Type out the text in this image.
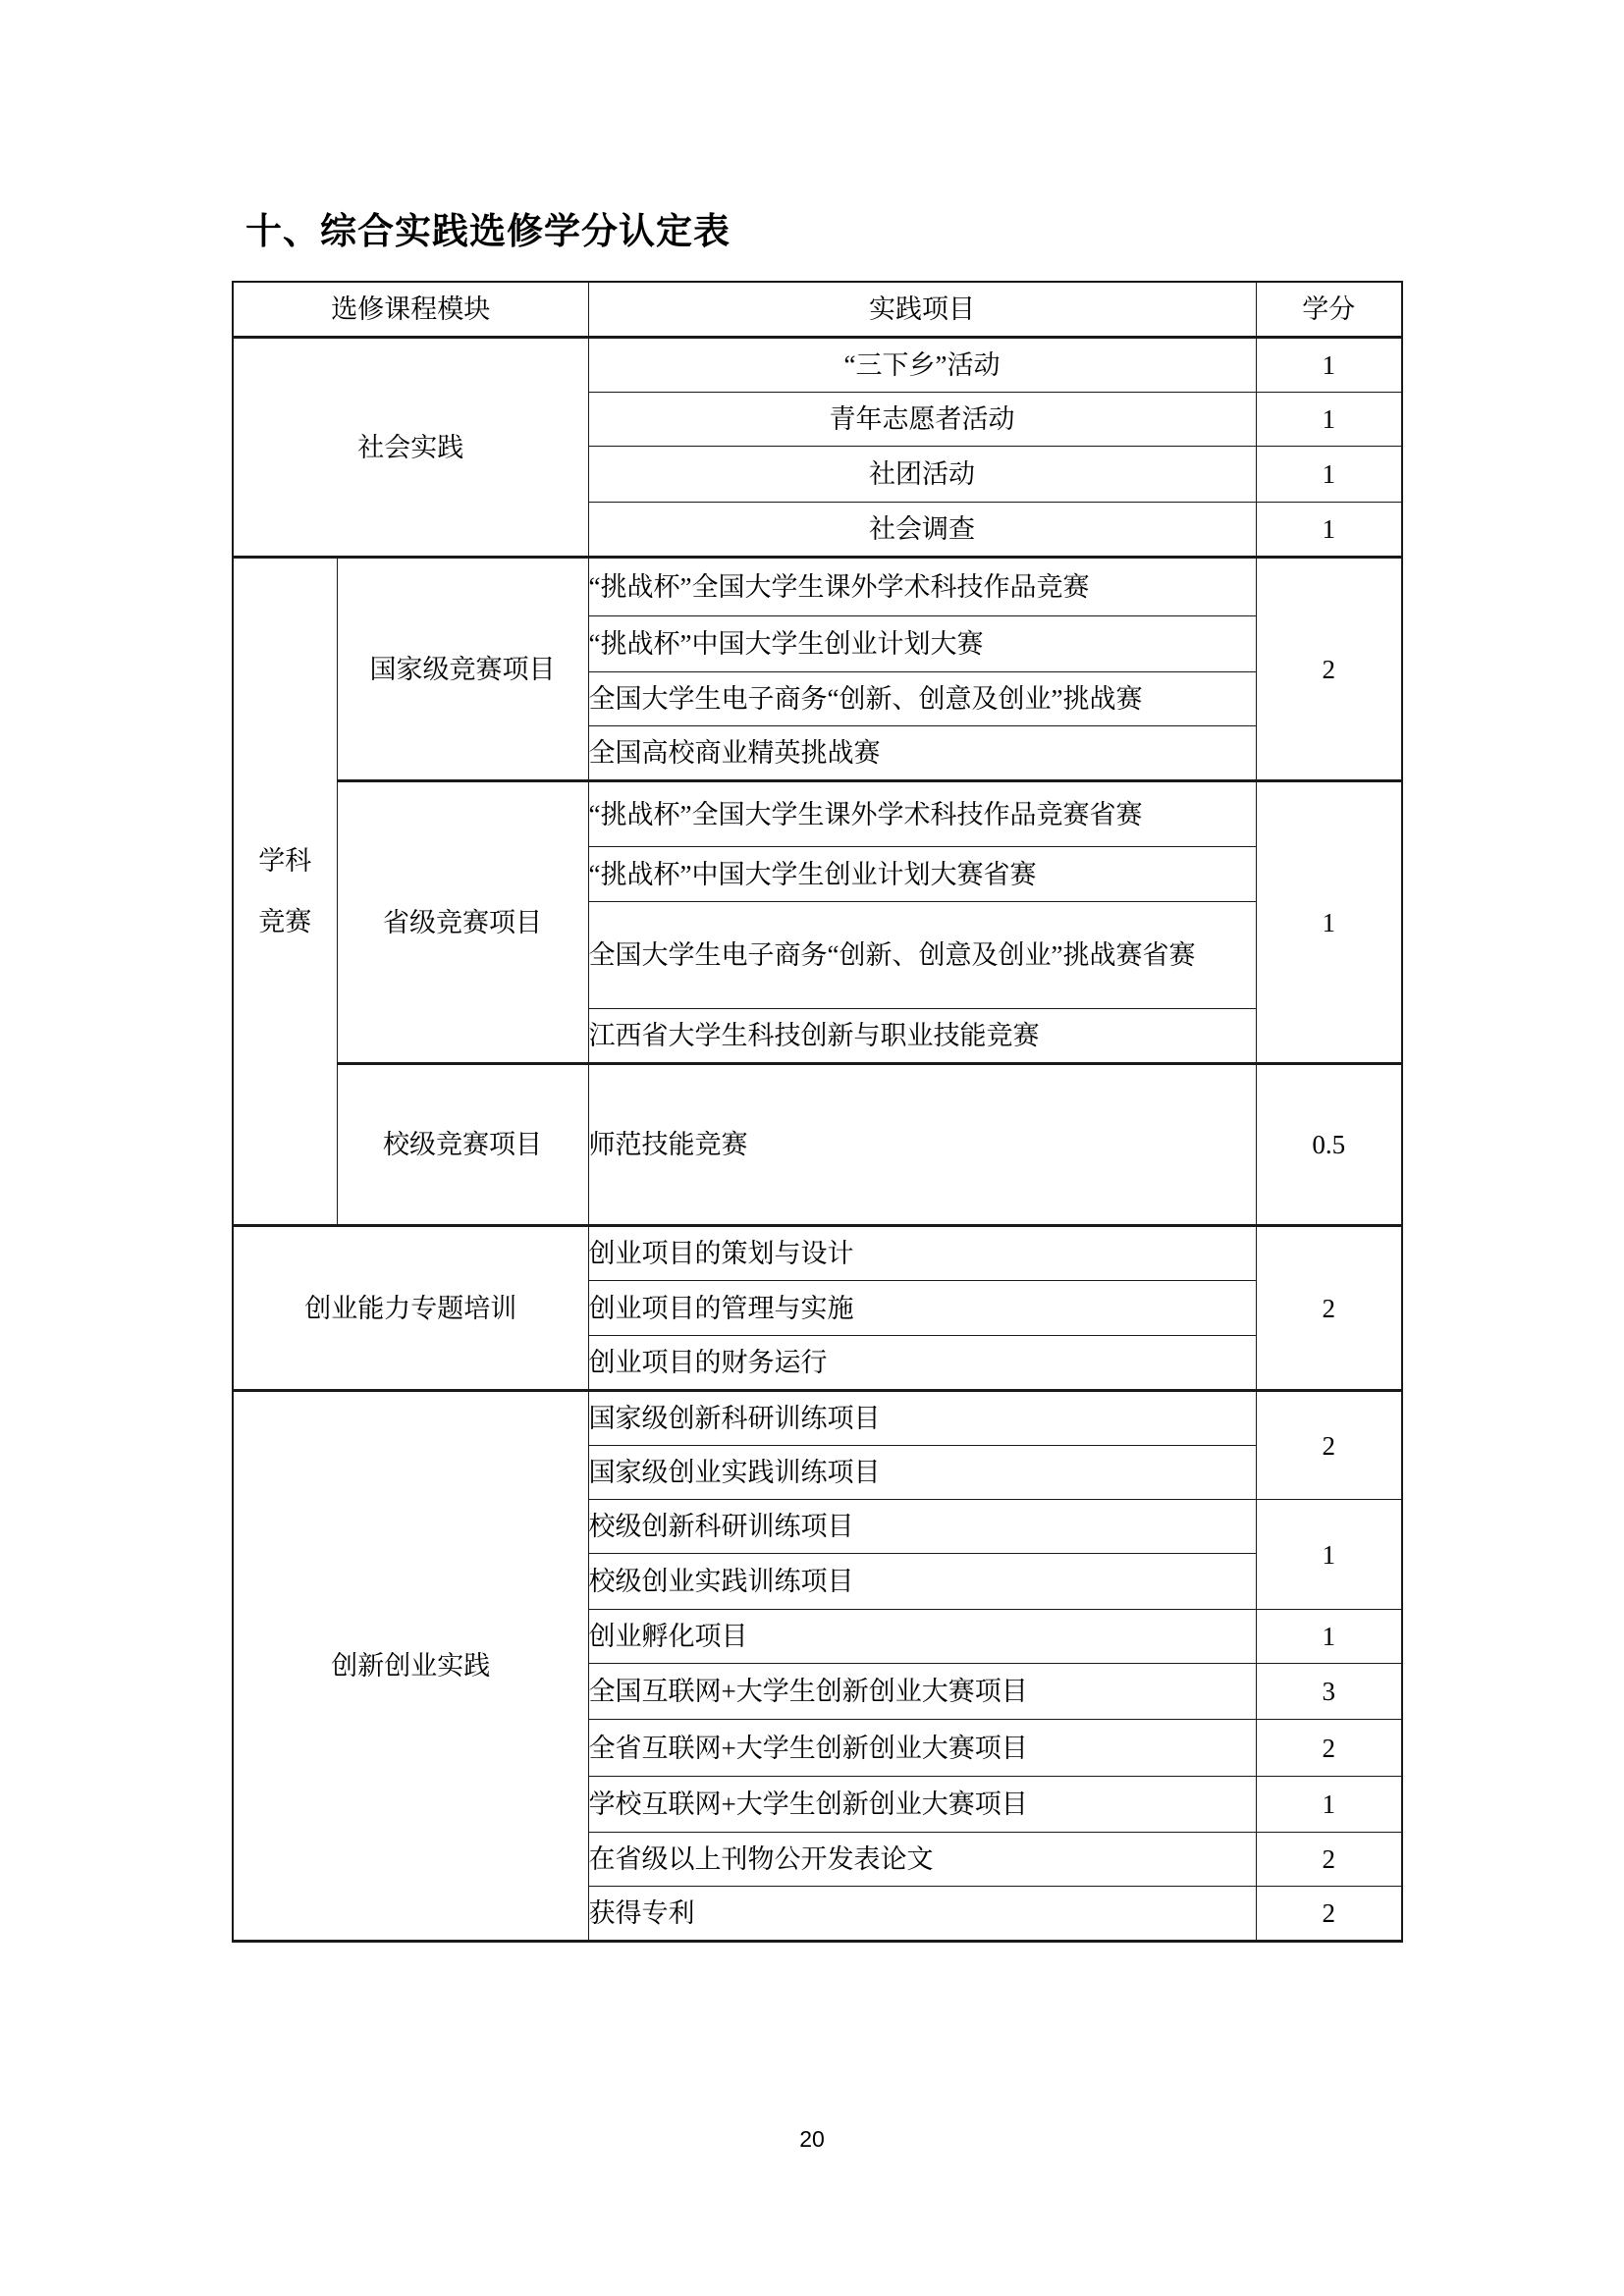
十、综合实践选修学分认定表
选修课程模块		实践项目	学分
社会实践		“三下乡”活动	1
		青年志愿者活动	1
		社团活动	1
		社会调查	1

学科
竞赛	国家级竞赛项目	“挑战杯”全国大学生课外学术科技作品竞赛	2
		“挑战杯”中国大学生创业计划大赛	
		全国大学生电子商务“创新、创意及创业”挑战赛	
		全国高校商业精英挑战赛	
	省级竞赛项目	“挑战杯”全国大学生课外学术科技作品竞赛省赛	1
		“挑战杯”中国大学生创业计划大赛省赛	
		全国大学生电子商务“创新、创意及创业”挑战赛省赛	
		江西省大学生科技创新与职业技能竞赛	
	校级竞赛项目	师范技能竞赛	0.5
创业能力专题培训		创业项目的策划与设计	2
		创业项目的管理与实施	
		创业项目的财务运行	
创新创业实践		国家级创新科研训练项目	2
		国家级创业实践训练项目	
		校级创新科研训练项目	1
		校级创业实践训练项目	
		创业孵化项目	1
		全国互联网+大学生创新创业大赛项目	3
		全省互联网+大学生创新创业大赛项目	2
		学校互联网+大学生创新创业大赛项目	1
		在省级以上刊物公开发表论文	2
		获得专利	2
20
